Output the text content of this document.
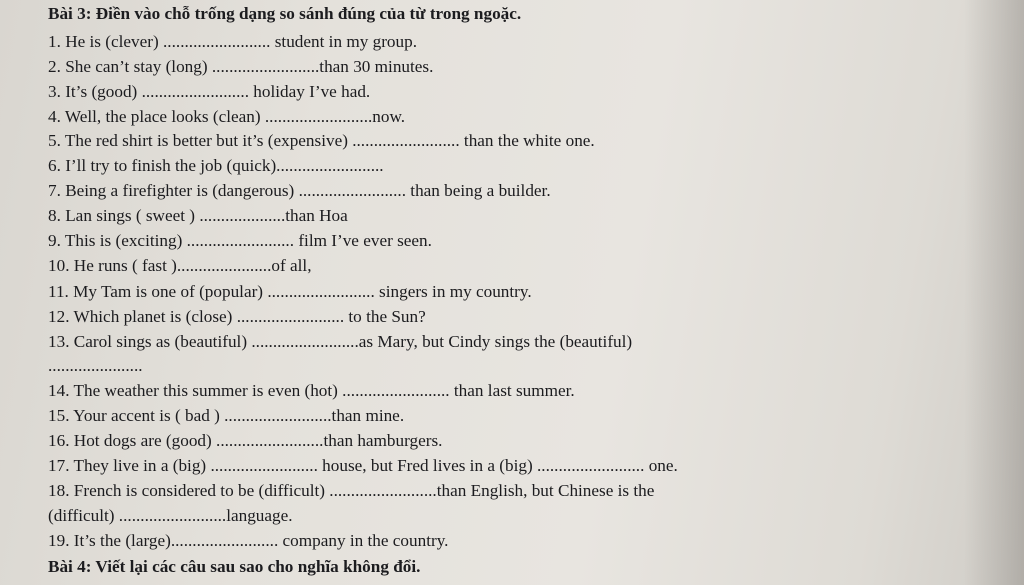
Bài 3: Điền vào chỗ trống dạng so sánh đúng của từ trong ngoặc.
1. He is (clever) ......................... student in my group.
2. She can’t stay (long) .........................than 30 minutes.
3. It’s (good) ......................... holiday I’ve had.
4. Well, the place looks (clean) .........................now.
5. The red shirt is better but it’s (expensive) ......................... than the white one.
6. I’ll try to finish the job (quick).........................
7. Being a firefighter is (dangerous) ......................... than being a builder.
8. Lan sings ( sweet ) ....................than Hoa
9. This is (exciting) ......................... film I’ve ever seen.
10. He runs ( fast )......................of all,
11. My Tam is one of (popular) ......................... singers in my country.
12. Which planet is (close) ......................... to the Sun?
13. Carol sings as (beautiful) .........................as Mary, but Cindy sings the (beautiful)
......................
14. The weather this summer is even (hot) ......................... than last summer.
15. Your accent is ( bad ) .........................than mine.
16. Hot dogs are (good) .........................than hamburgers.
17. They live in a (big) ......................... house, but Fred lives in a (big) ......................... one.
18. French is considered to be (difficult) .........................than English, but Chinese is the
(difficult) .........................language.
19. It’s the (large)......................... company in the country.
Bài 4: Viết lại các câu sau sao cho nghĩa không đổi.
